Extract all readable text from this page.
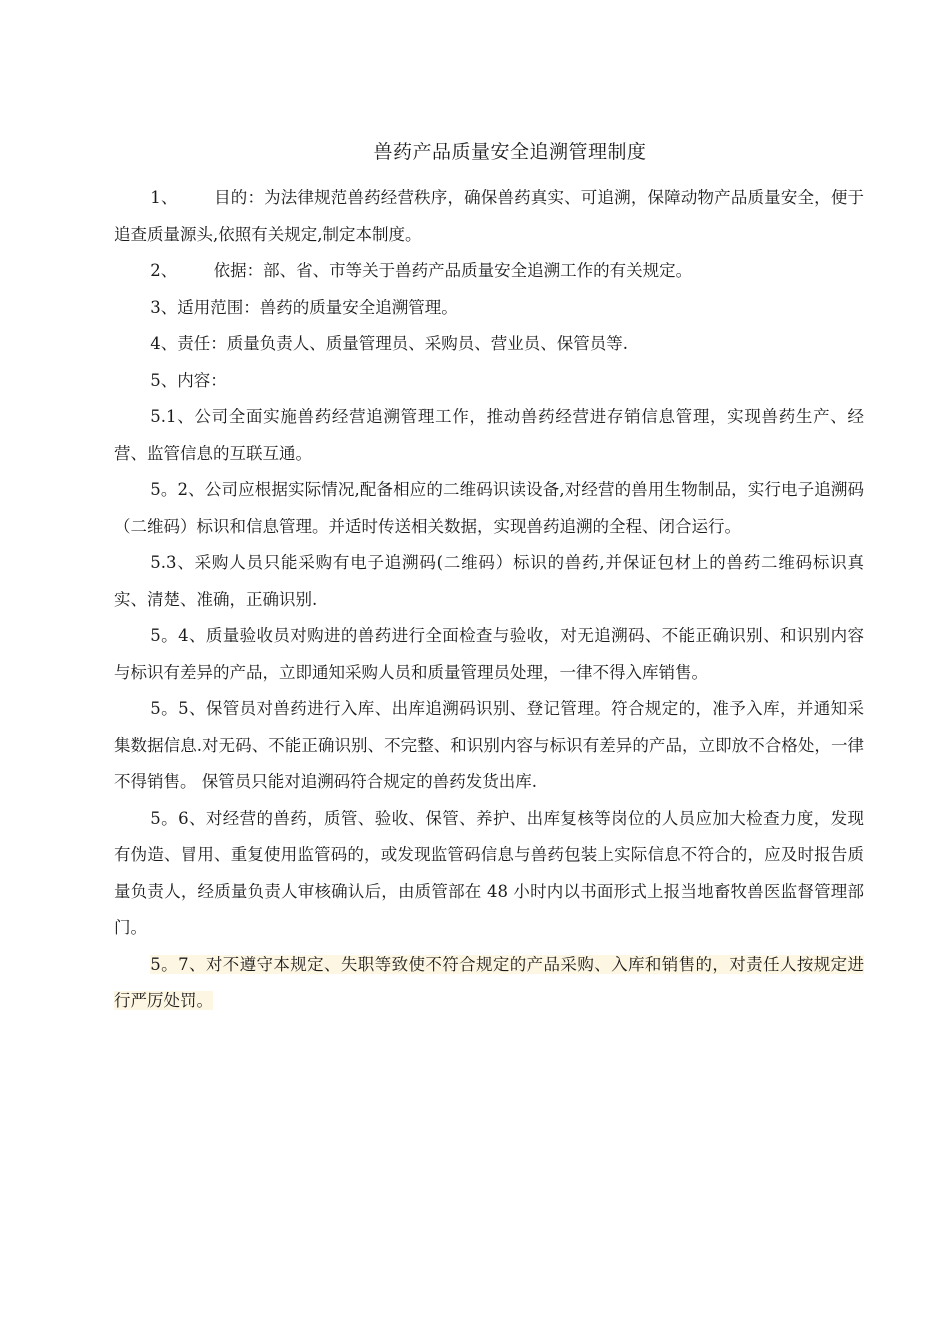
兽药产品质量安全追溯管理制度

1、 目的：为法律规范兽药经营秩序，确保兽药真实、可追溯，保障动物产品质量安全，便于追查质量源头,依照有关规定,制定本制度。

2、 依据：部、省、市等关于兽药产品质量安全追溯工作的有关规定。

3、适用范围：兽药的质量安全追溯管理。

4、责任：质量负责人、质量管理员、采购员、营业员、保管员等.

5、内容：

5.1、公司全面实施兽药经营追溯管理工作，推动兽药经营进存销信息管理，实现兽药生产、经营、监管信息的互联互通。

5。2、公司应根据实际情况,配备相应的二维码识读设备,对经营的兽用生物制品，实行电子追溯码（二维码）标识和信息管理。并适时传送相关数据，实现兽药追溯的全程、闭合运行。

5.3、采购人员只能采购有电子追溯码(二维码）标识的兽药,并保证包材上的兽药二维码标识真实、清楚、准确，正确识别.

5。4、质量验收员对购进的兽药进行全面检查与验收，对无追溯码、不能正确识别、和识别内容与标识有差异的产品，立即通知采购人员和质量管理员处理，一律不得入库销售。

5。5、保管员对兽药进行入库、出库追溯码识别、登记管理。符合规定的，准予入库，并通知采集数据信息.对无码、不能正确识别、不完整、和识别内容与标识有差异的产品，立即放不合格处，一律不得销售。 保管员只能对追溯码符合规定的兽药发货出库.

5。6、对经营的兽药，质管、验收、保管、养护、出库复核等岗位的人员应加大检查力度，发现有伪造、冒用、重复使用监管码的，或发现监管码信息与兽药包装上实际信息不符合的，应及时报告质量负责人，经质量负责人审核确认后，由质管部在 48 小时内以书面形式上报当地畜牧兽医监督管理部门。

5。7、对不遵守本规定、失职等致使不符合规定的产品采购、入库和销售的，对责任人按规定进行严厉处罚。
